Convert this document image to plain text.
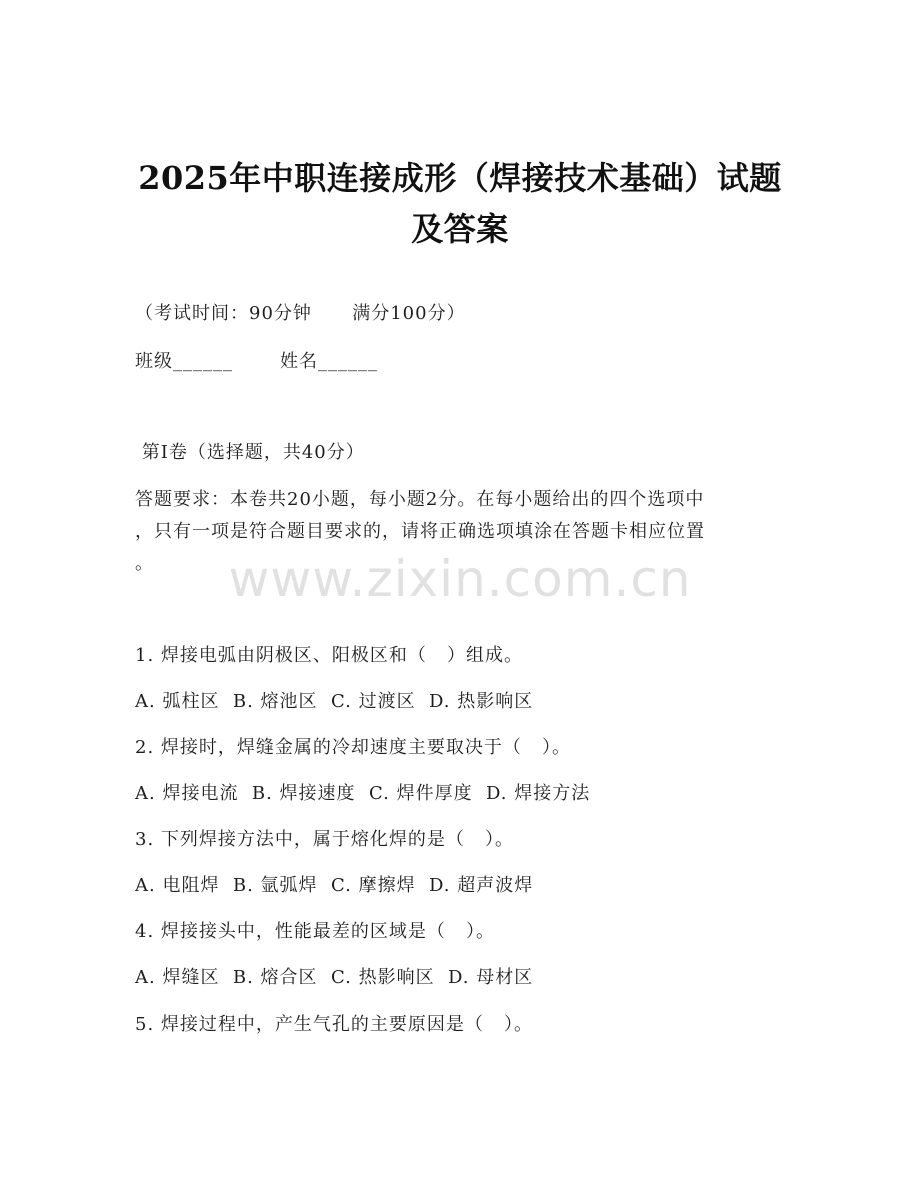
2025年中职连接成形（焊接技术基础）试题
及答案
（考试时间：90分钟      满分100分）
班级______       姓名______
第I卷（选择题，共40分）
答题要求：本卷共20小题，每小题2分。在每小题给出的四个选项中
，只有一项是符合题目要求的，请将正确选项填涂在答题卡相应位置
。	www.zixin.com.cn
1. 焊接电弧由阴极区、阳极区和（   ）组成。
A. 弧柱区  B. 熔池区  C. 过渡区  D. 热影响区
2. 焊接时，焊缝金属的冷却速度主要取决于（   ）。
A. 焊接电流  B. 焊接速度  C. 焊件厚度  D. 焊接方法
3. 下列焊接方法中，属于熔化焊的是（   ）。
A. 电阻焊  B. 氩弧焊  C. 摩擦焊  D. 超声波焊
4. 焊接接头中，性能最差的区域是（   ）。
A. 焊缝区  B. 熔合区  C. 热影响区  D. 母材区
5. 焊接过程中，产生气孔的主要原因是（   ）。
